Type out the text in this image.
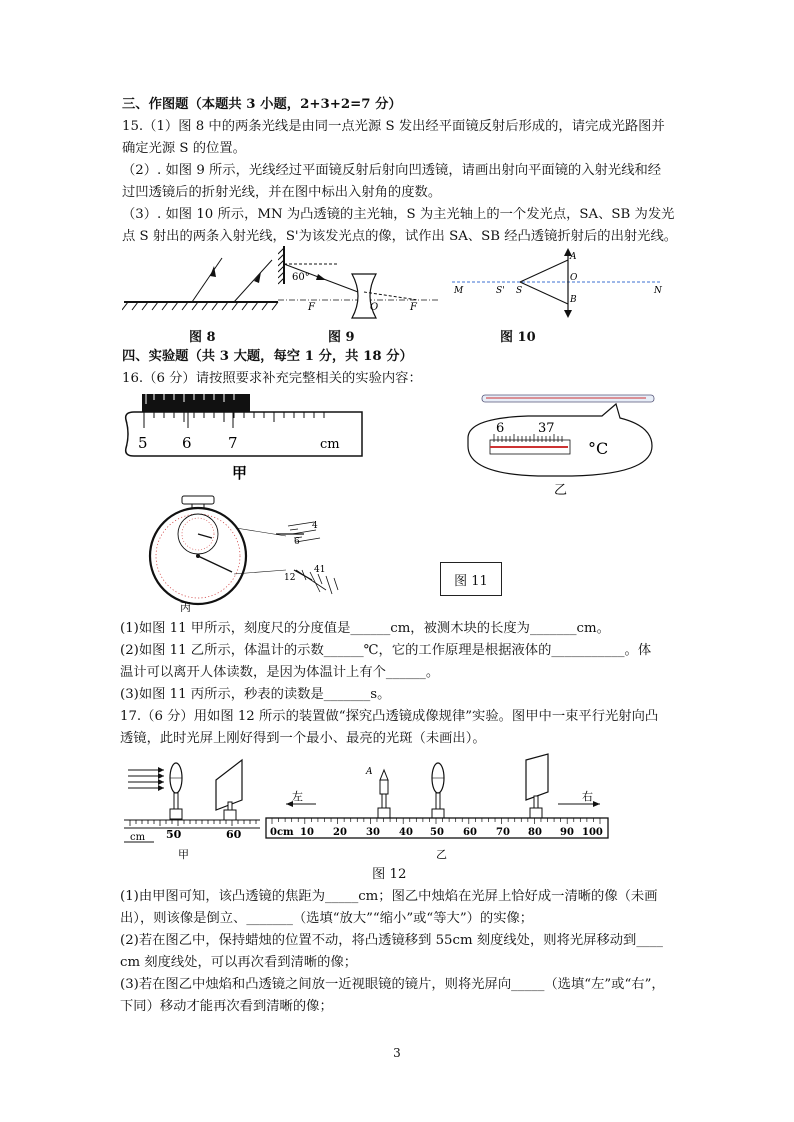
三、作图题（本题共 3 小题，2+3+2=7 分）
15.（1）图 8 中的两条光线是由同一点光源 S 发出经平面镜反射后形成的，请完成光路图并
确定光源 S 的位置。
（2）. 如图 9 所示，光线经过平面镜反射后射向凹透镜，请画出射向平面镜的入射光线和经
过凹透镜后的折射光线，并在图中标出入射角的度数。
（3）. 如图 10 所示，MN 为凸透镜的主光轴，S 为主光轴上的一个发光点，SA、SB 为发光
点 S 射出的两条入射光线，S'为该发光点的像，试作出 SA、SB 经凸透镜折射后的出射光线。
图 8
60°
F	O	F
图 9
M	S' S
A
O
B
N
图 10
四、实验题（共 3 大题，每空 1 分，共 18 分）
16.（6 分）请按照要求补充完整相关的实验内容：
5 6 7	cm
甲
6	37
°C
乙
4
6
12
41
丙
图 11
(1)如图 11 甲所示，刻度尺的分度值是______cm，被测木块的长度为_______cm。
(2)如图 11 乙所示，体温计的示数______℃，它的工作原理是根据液体的___________。体
温计可以离开人体读数，是因为体温计上有个______。
(3)如图 11 丙所示，秒表的读数是_______s。
17.（6 分）用如图 12 所示的装置做“探究凸透镜成像规律”实验。图甲中一束平行光射向凸
透镜，此时光屏上刚好得到一个最小、最亮的光斑（未画出）。
cm 50	60
甲
左	右
A
0cm 10 20 30 40 50 60 70 80 90 100
乙
图 12
(1)由甲图可知，该凸透镜的焦距为_____cm；图乙中烛焰在光屏上恰好成一清晰的像（未画
出），则该像是倒立、_______（选填“放大”“缩小”或“等大”）的实像；
(2)若在图乙中，保持蜡烛的位置不动，将凸透镜移到 55cm 刻度线处，则将光屏移动到____
cm 刻度线处，可以再次看到清晰的像；
(3)若在图乙中烛焰和凸透镜之间放一近视眼镜的镜片，则将光屏向_____（选填“左”或“右”，
下同）移动才能再次看到清晰的像；
3
